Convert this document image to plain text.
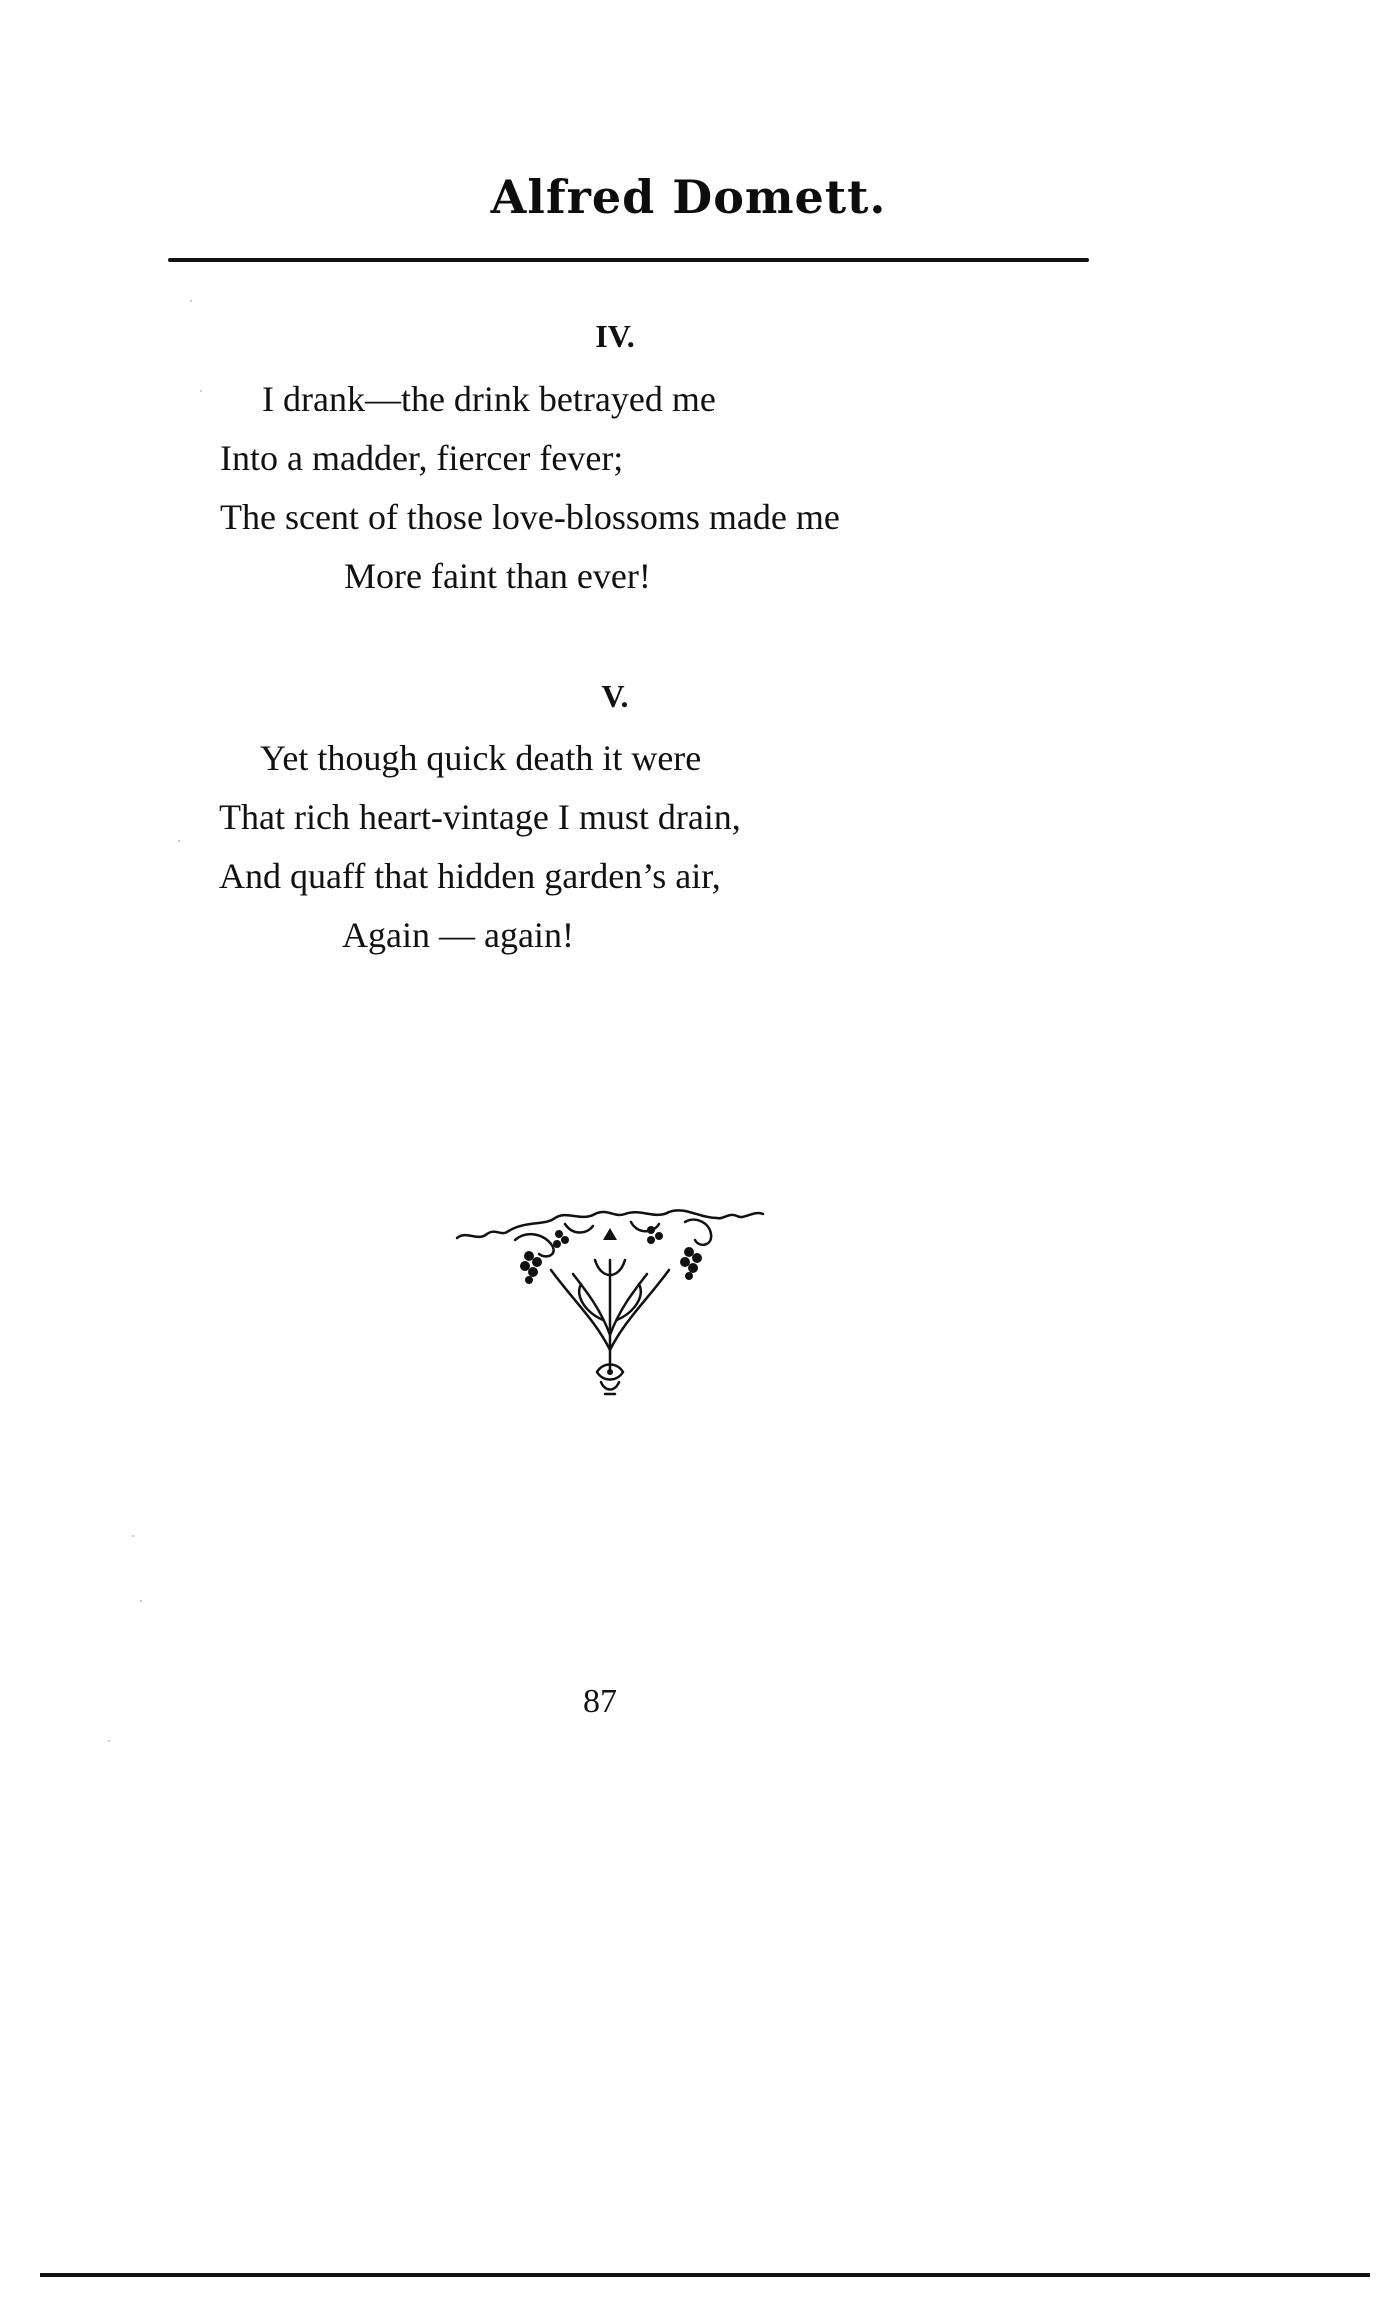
Alfred Domett.
IV.
I drank—the drink betrayed me
Into a madder, fiercer fever;
The scent of those love-blossoms made me
More faint than ever!
V.
Yet though quick death it were
That rich heart-vintage I must drain,
And quaff that hidden garden’s air,
Again — again!
87
